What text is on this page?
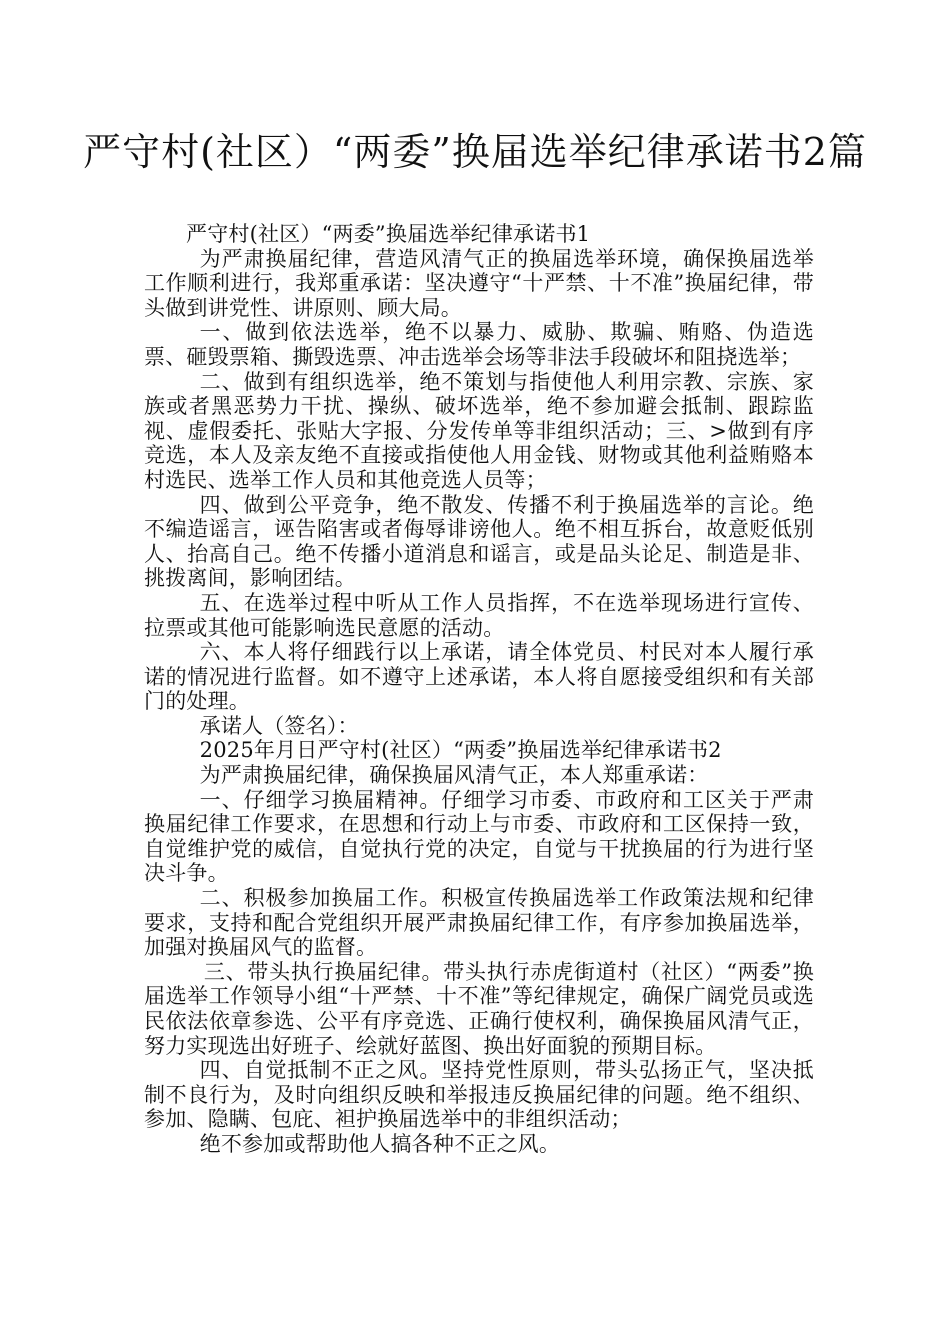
严守村(社区）“两委”换届选举纪律承诺书2篇

严守村(社区）“两委”换届选举纪律承诺书1

为严肃换届纪律，营造风清气正的换届选举环境，确保换届选举工作顺利进行，我郑重承诺：坚决遵守“十严禁、十不准”换届纪律，带头做到讲党性、讲原则、顾大局。

一、做到依法选举，绝不以暴力、威胁、欺骗、贿赂、伪造选票、砸毁票箱、撕毁选票、冲击选举会场等非法手段破坏和阻挠选举；

二、做到有组织选举，绝不策划与指使他人利用宗教、宗族、家族或者黑恶势力干扰、操纵、破坏选举，绝不参加避会抵制、跟踪监视、虚假委托、张贴大字报、分发传单等非组织活动；三、>做到有序竞选，本人及亲友绝不直接或指使他人用金钱、财物或其他利益贿赂本村选民、选举工作人员和其他竞选人员等；

四、做到公平竞争，绝不散发、传播不利于换届选举的言论。绝不编造谣言，诬告陷害或者侮辱诽谤他人。绝不相互拆台，故意贬低别人、抬高自己。绝不传播小道消息和谣言，或是品头论足、制造是非、挑拨离间，影响团结。

五、在选举过程中听从工作人员指挥，不在选举现场进行宣传、拉票或其他可能影响选民意愿的活动。

六、本人将仔细践行以上承诺，请全体党员、村民对本人履行承诺的情况进行监督。如不遵守上述承诺，本人将自愿接受组织和有关部门的处理。

承诺人（签名）：

2025年月日严守村(社区）“两委”换届选举纪律承诺书2

为严肃换届纪律，确保换届风清气正，本人郑重承诺：

一、仔细学习换届精神。仔细学习市委、市政府和工区关于严肃换届纪律工作要求，在思想和行动上与市委、市政府和工区保持一致，自觉维护党的威信，自觉执行党的决定，自觉与干扰换届的行为进行坚决斗争。

二、积极参加换届工作。积极宣传换届选举工作政策法规和纪律要求，支持和配合党组织开展严肃换届纪律工作，有序参加换届选举，加强对换届风气的监督。

三、带头执行换届纪律。带头执行赤虎街道村（社区）“两委”换届选举工作领导小组“十严禁、十不准”等纪律规定，确保广阔党员或选民依法依章参选、公平有序竞选、正确行使权利，确保换届风清气正，努力实现选出好班子、绘就好蓝图、换出好面貌的预期目标。

四、自觉抵制不正之风。坚持党性原则，带头弘扬正气，坚决抵制不良行为，及时向组织反映和举报违反换届纪律的问题。绝不组织、参加、隐瞒、包庇、袒护换届选举中的非组织活动；

绝不参加或帮助他人搞各种不正之风。
